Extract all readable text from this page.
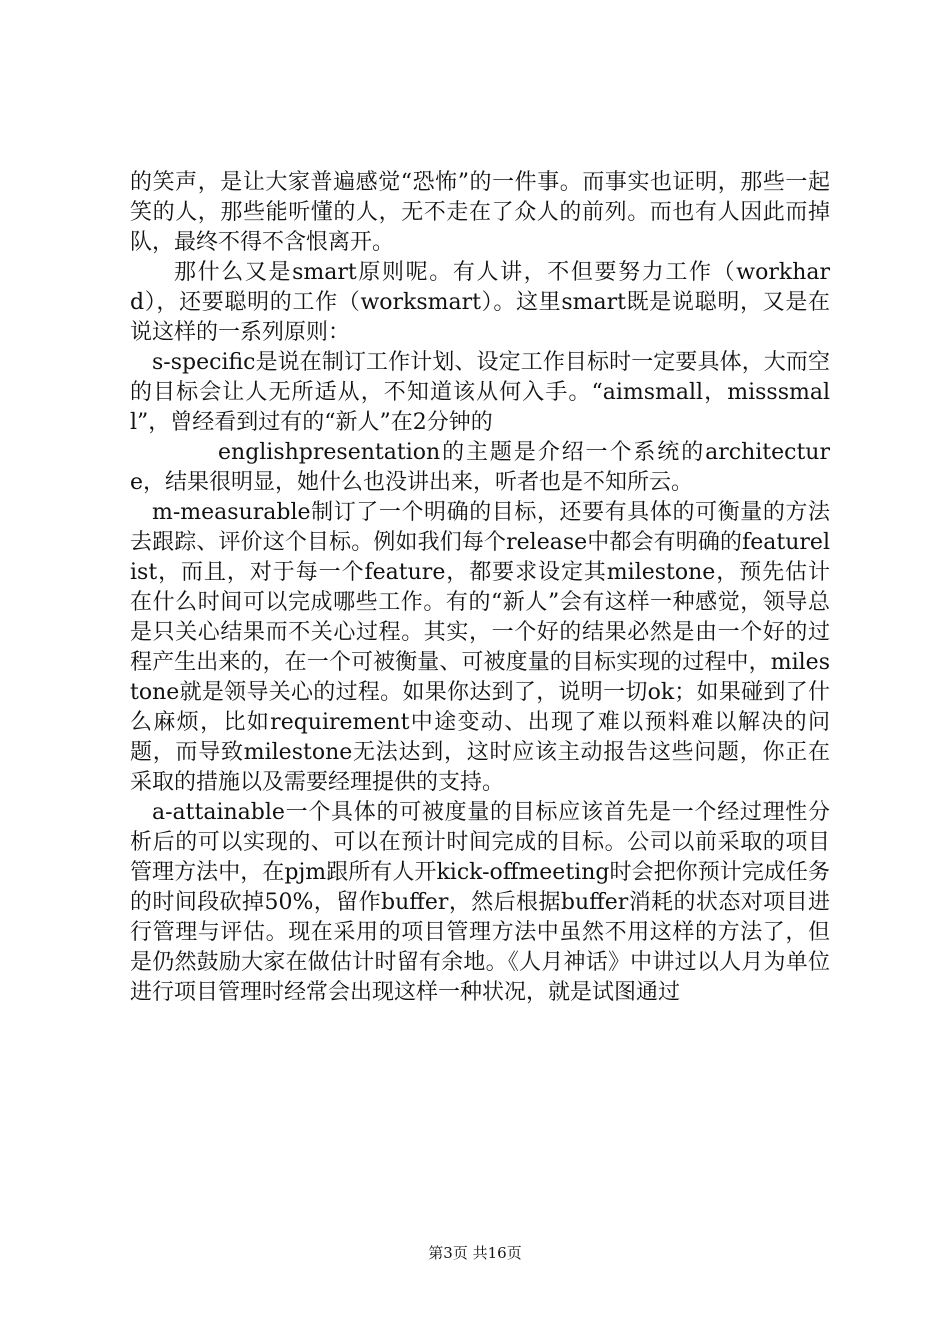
的笑声，是让大家普遍感觉“恐怖”的一件事。而事实也证明，那些一起笑的人，那些能听懂的人，无不走在了众人的前列。而也有人因此而掉队，最终不得不含恨离开。

那什么又是smart原则呢。有人讲，不但要努力工作（workhard），还要聪明的工作（worksmart）。这里smart既是说聪明，又是在说这样的一系列原则：

s-specific是说在制订工作计划、设定工作目标时一定要具体，大而空的目标会让人无所适从，不知道该从何入手。“aimsmall，misssmall”，曾经看到过有的“新人”在2分钟的

englishpresentation的主题是介绍一个系统的architecture，结果很明显，她什么也没讲出来，听者也是不知所云。

m-measurable制订了一个明确的目标，还要有具体的可衡量的方法去跟踪、评价这个目标。例如我们每个release中都会有明确的featurelist，而且，对于每一个feature，都要求设定其milestone，预先估计在什么时间可以完成哪些工作。有的“新人”会有这样一种感觉，领导总是只关心结果而不关心过程。其实，一个好的结果必然是由一个好的过程产生出来的，在一个可被衡量、可被度量的目标实现的过程中，milestone就是领导关心的过程。如果你达到了，说明一切ok；如果碰到了什么麻烦，比如requirement中途变动、出现了难以预料难以解决的问题，而导致milestone无法达到，这时应该主动报告这些问题，你正在采取的措施以及需要经理提供的支持。

a-attainable一个具体的可被度量的目标应该首先是一个经过理性分析后的可以实现的、可以在预计时间完成的目标。公司以前采取的项目管理方法中，在pjm跟所有人开kick-offmeeting时会把你预计完成任务的时间段砍掉50%，留作buffer，然后根据buffer消耗的状态对项目进行管理与评估。现在采用的项目管理方法中虽然不用这样的方法了，但是仍然鼓励大家在做估计时留有余地。《人月神话》中讲过以人月为单位进行项目管理时经常会出现这样一种状况，就是试图通过

第3页 共16页
